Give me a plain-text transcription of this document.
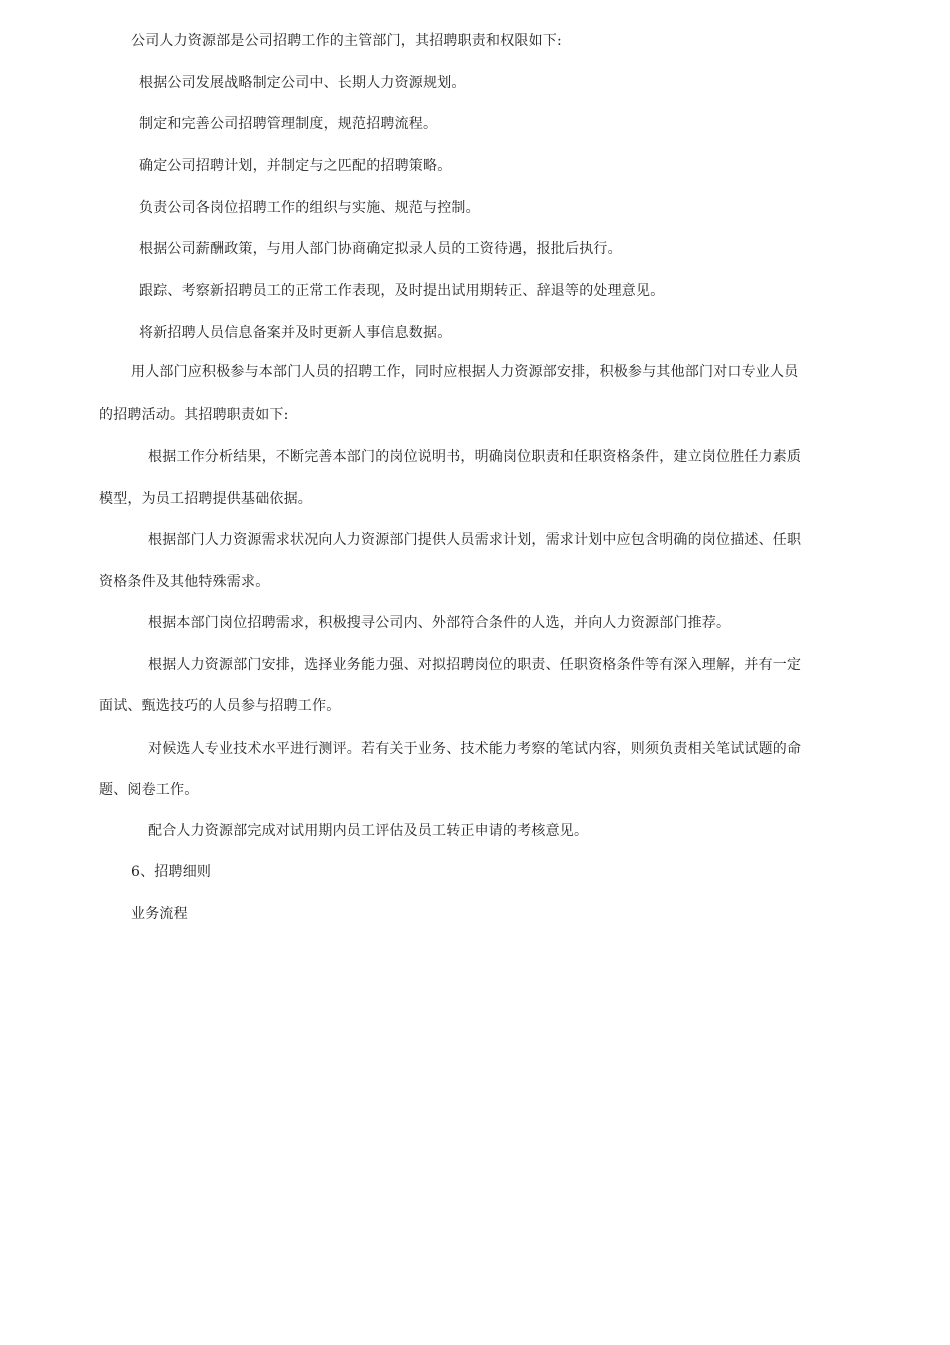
公司人力资源部是公司招聘工作的主管部门，其招聘职责和权限如下:
根据公司发展战略制定公司中、长期人力资源规划。
制定和完善公司招聘管理制度，规范招聘流程。
确定公司招聘计划，并制定与之匹配的招聘策略。
负责公司各岗位招聘工作的组织与实施、规范与控制。
根据公司薪酬政策，与用人部门协商确定拟录人员的工资待遇，报批后执行。
跟踪、考察新招聘员工的正常工作表现，及时提出试用期转正、辞退等的处理意见。
将新招聘人员信息备案并及时更新人事信息数据。
用人部门应积极参与本部门人员的招聘工作，同时应根据人力资源部安排，积极参与其他部门对口专业人员
的招聘活动。其招聘职责如下:
根据工作分析结果，不断完善本部门的岗位说明书，明确岗位职责和任职资格条件，建立岗位胜任力素质
模型，为员工招聘提供基础依据。
根据部门人力资源需求状况向人力资源部门提供人员需求计划，需求计划中应包含明确的岗位描述、任职
资格条件及其他特殊需求。
根据本部门岗位招聘需求，积极搜寻公司内、外部符合条件的人选，并向人力资源部门推荐。
根据人力资源部门安排，选择业务能力强、对拟招聘岗位的职责、任职资格条件等有深入理解，并有一定
面试、甄选技巧的人员参与招聘工作。
对候选人专业技术水平进行测评。若有关于业务、技术能力考察的笔试内容，则须负责相关笔试试题的命
题、阅卷工作。
配合人力资源部完成对试用期内员工评估及员工转正申请的考核意见。
6、招聘细则
业务流程
